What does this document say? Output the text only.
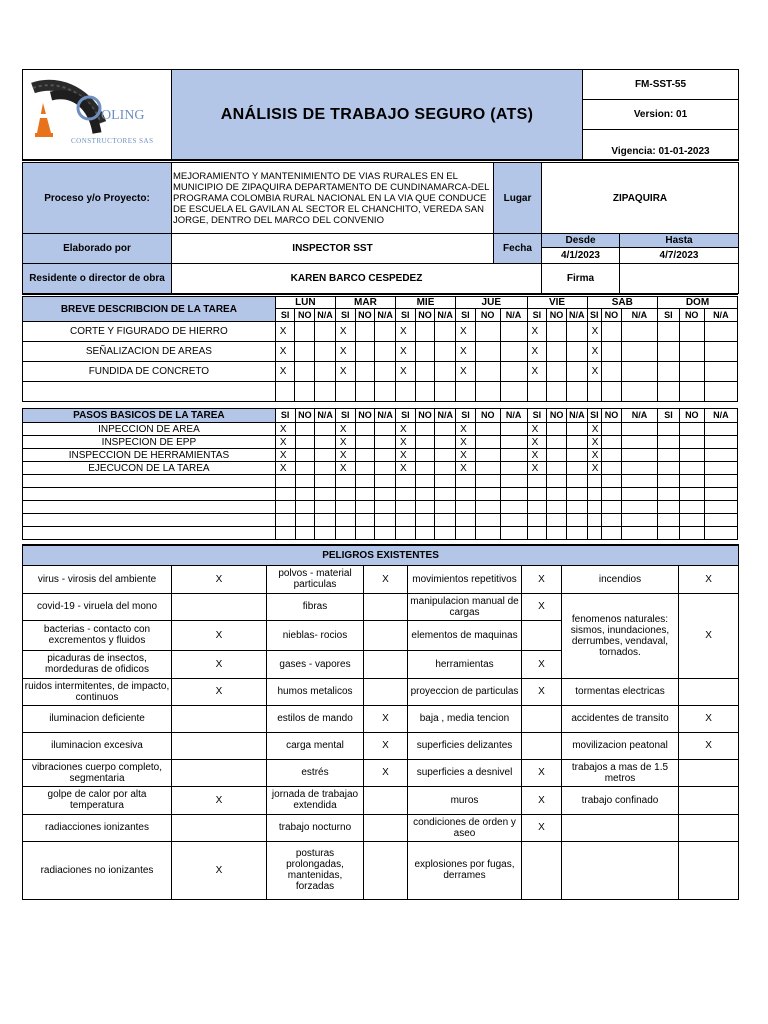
OLING
CONSTRUCTORES SAS
	ANÁLISIS DE TRABAJO SEGURO (ATS)	FM-SST-55
Version: 01
Vigencia: 01-01-2023
Proceso y/o Proyecto:	MEJORAMIENTO Y MANTENIMIENTO DE VIAS RURALES EN EL MUNICIPIO DE ZIPAQUIRA DEPARTAMENTO DE CUNDINAMARCA-DEL PROGRAMA COLOMBIA RURAL NACIONAL EN LA VIA QUE CONDUCE DE ESCUELA EL GAVILAN AL SECTOR EL CHANCHITO, VEREDA SAN JORGE, DENTRO DEL MARCO DEL CONVENIO	Lugar	ZIPAQUIRA	
Elaborado por	INSPECTOR SST	Fecha	Desde	Hasta
			4/1/2023	4/7/2023
Residente o director de obra	KAREN BARCO CESPEDEZ		Firma	
BREVE DESCRIBCION DE LA TAREA	LUN			MAR			MIE			JUE			VIE			SAB			DOM		
	SI	NO	N/A	SI	NO	N/A	SI	NO	N/A	SI	NO	N/A	SI	NO	N/A	SI	NO	N/A	SI	NO	N/A
CORTE Y FIGURADO DE HIERRO	X			X			X			X			X			X					
SEÑALIZACION DE AREAS	X			X			X			X			X			X					
FUNDIDA DE CONCRETO	X			X			X			X			X			X					

PASOS BASICOS DE LA TAREA	SI	NO	N/A	SI	NO	N/A	SI	NO	N/A	SI	NO	N/A	SI	NO	N/A	SI	NO	N/A	SI	NO	N/A
INPECCION DE AREA	X			X			X			X			X			X					
INSPECION DE EPP	X			X			X			X			X			X					
INSPECCION DE HERRAMIENTAS	X			X			X			X			X			X					
EJECUCON DE LA TAREA	X			X			X			X			X			X					

PELIGROS EXISTENTES							
virus - virosis del ambiente	X	polvos - material particulas	X	movimientos repetitivos	X	incendios	X
covid-19 - viruela del mono		fibras		manipulacion manual de cargas	X	fenomenos naturales: sismos, inundaciones, derrumbes, vendaval, tornados.	X
bacterias - contacto con excrementos y fluidos	X	nieblas- rocios		elementos de maquinas			
picaduras de insectos, mordeduras de ofidicos	X	gases - vapores		herramientas	X		
ruidos intermitentes, de impacto, continuos	X	humos metalicos		proyeccion de particulas	X	tormentas electricas	
iluminacion deficiente		estilos de mando	X	baja , media tencion		accidentes de transito	X
iluminacion excesiva		carga mental	X	superficies delizantes		movilizacion peatonal	X
vibraciones cuerpo completo, segmentaria		estrés	X	superficies a desnivel	X	trabajos a mas de 1.5 metros	
golpe de calor por alta temperatura	X	jornada de trabajao extendida		muros	X	trabajo confinado	
radiacciones ionizantes		trabajo nocturno		condiciones de orden y aseo	X		
radiaciones no ionizantes	X	posturas prolongadas, mantenidas, forzadas		explosiones por fugas, derrames			
